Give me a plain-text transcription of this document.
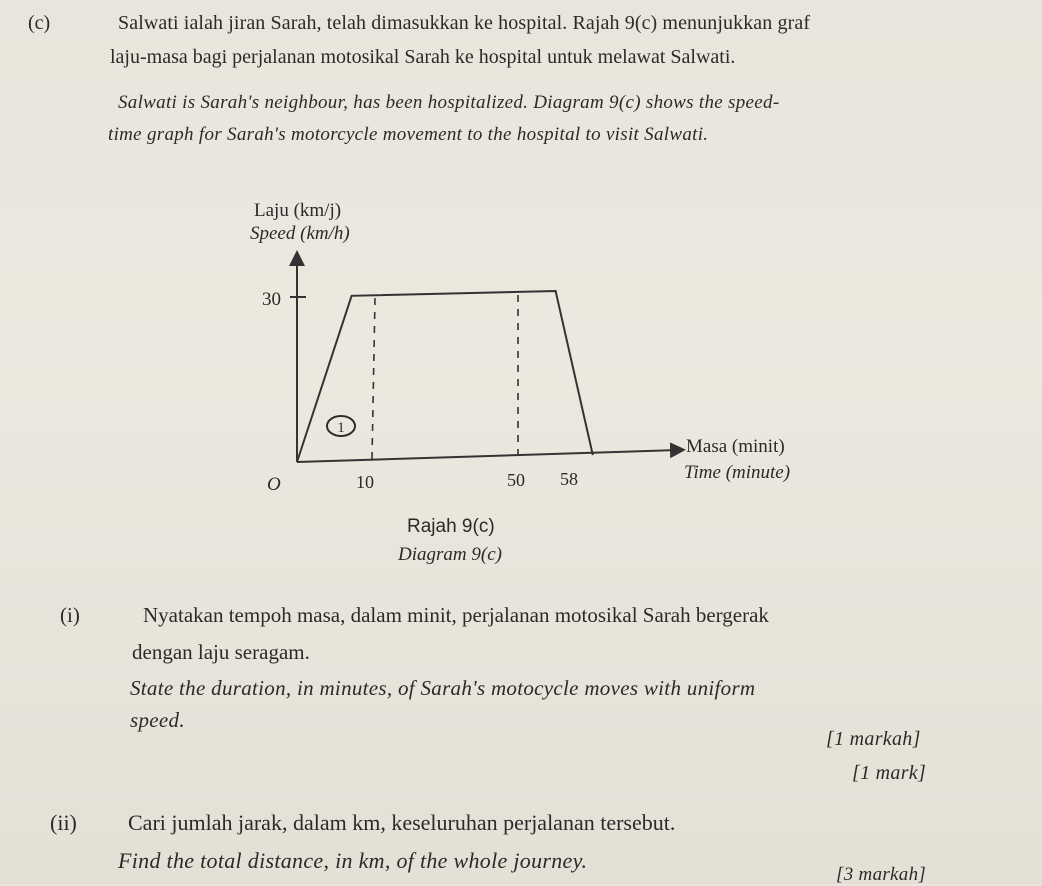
(c)	Salwati ialah jiran Sarah, telah dimasukkan ke hospital. Rajah 9(c) menunjukkan graf
laju-masa bagi perjalanan motosikal Sarah ke hospital untuk melawat Salwati.
Salwati is Sarah's neighbour, has been hospitalized. Diagram 9(c) shows the speed-
time graph for Sarah's motorcycle movement to the hospital to visit Salwati.
Laju (km/j)
Speed (km/h)
Masa (minit)
Time (minute)
1
30
O	10	50 58
Rajah 9(c)
Diagram 9(c)
(i)	Nyatakan tempoh masa, dalam minit, perjalanan motosikal Sarah bergerak
dengan laju seragam.
State the duration, in minutes, of Sarah's motocycle moves with uniform
speed.
[1 markah]
[1 mark]
(ii) Cari jumlah jarak, dalam km, keseluruhan perjalanan tersebut.
Find the total distance, in km, of the whole journey.
[3 markah]
